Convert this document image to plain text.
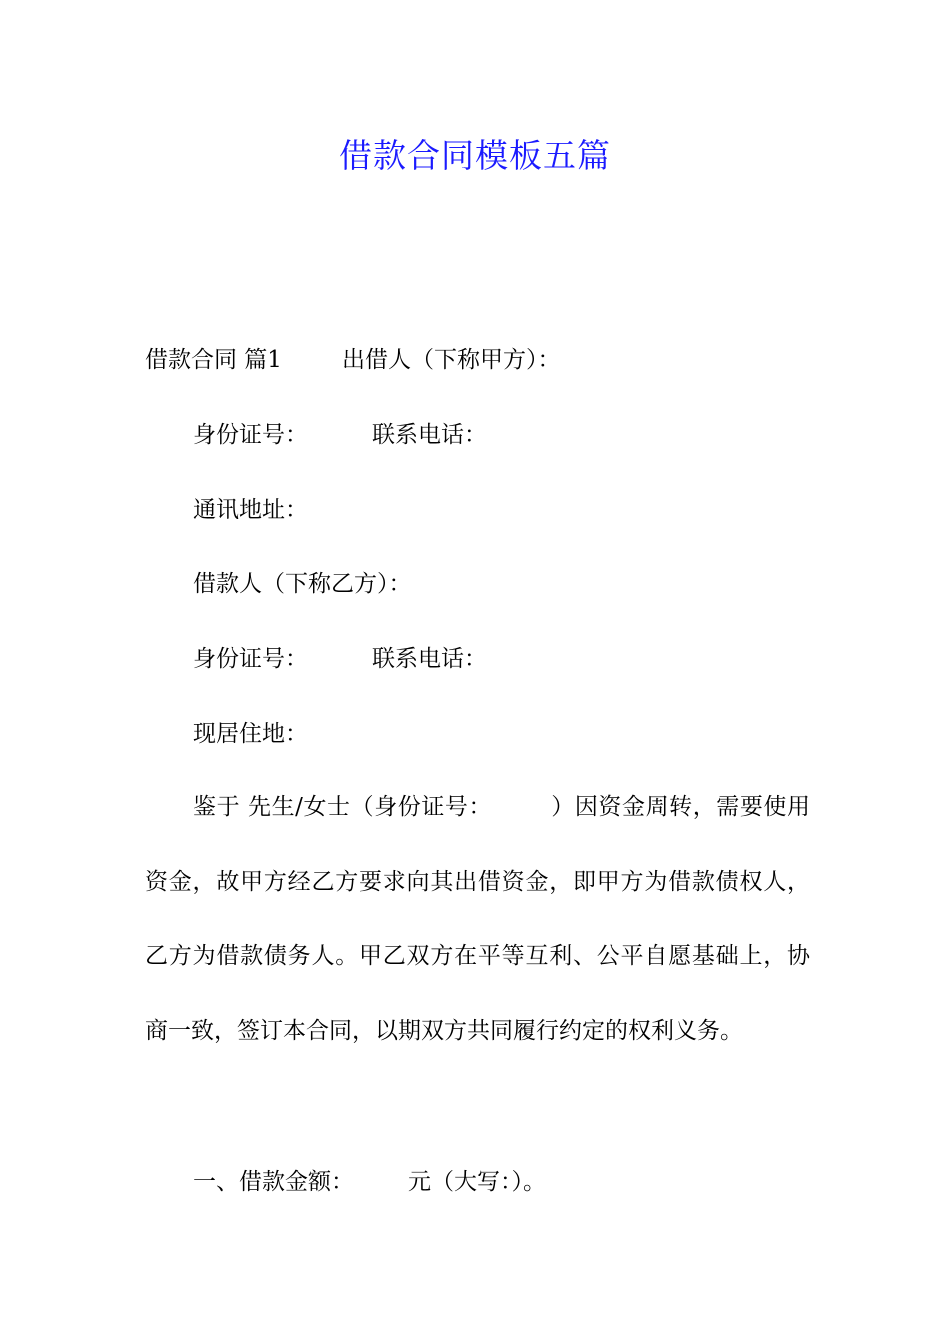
借款合同模板五篇

借款合同 篇1	出借人（下称甲方）：

身份证号：	联系电话：

通讯地址：

借款人（下称乙方）：

身份证号：	联系电话：

现居住地：

鉴于 先生/女士（身份证号：　　　）因资金周转，需要使用资金，故甲方经乙方要求向其出借资金，即甲方为借款债权人，乙方为借款债务人。甲乙双方在平等互利、公平自愿基础上，协商一致，签订本合同，以期双方共同履行约定的权利义务。

一、借款金额： 元（大写：）。
